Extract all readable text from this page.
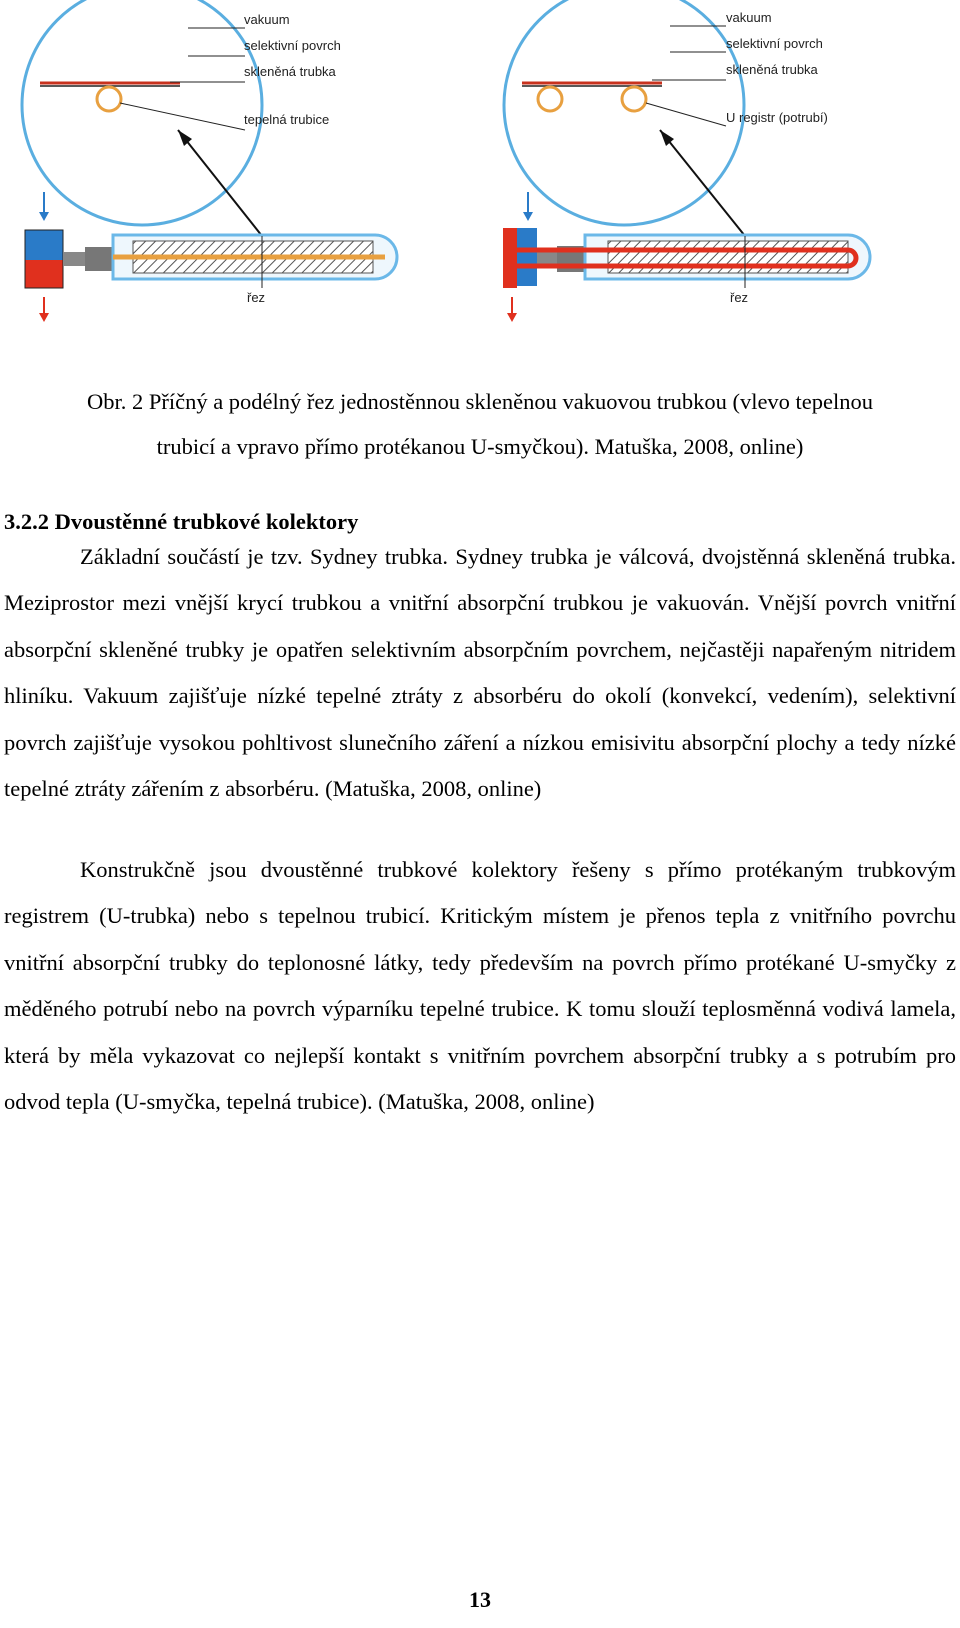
vakuum
selektivní povrch
skleněná trubka
tepelná trubice
řez
vakuum
selektivní povrch
skleněná trubka
U registr (potrubí)
řez
Obr. 2 Příčný a podélný řez jednostěnnou skleněnou vakuovou trubkou (vlevo tepelnou
trubicí a vpravo přímo protékanou U-smyčkou). Matuška, 2008, online)
3.2.2 Dvoustěnné trubkové kolektory

Základní součástí je tzv. Sydney trubka. Sydney trubka je válcová, dvojstěnná skleněná trubka. Meziprostor mezi vnější krycí trubkou a vnitřní absorpční trubkou je vakuován. Vnější povrch vnitřní absorpční skleněné trubky je opatřen selektivním absorpčním povrchem, nejčastěji napařeným nitridem hliníku. Vakuum zajišťuje nízké tepelné ztráty z absorbéru do okolí (konvekcí, vedením), selektivní povrch zajišťuje vysokou pohltivost slunečního záření a nízkou emisivitu absorpční plochy a tedy nízké tepelné ztráty zářením z absorbéru. (Matuška, 2008, online)

Konstrukčně jsou dvoustěnné trubkové kolektory řešeny s přímo protékaným trubkovým registrem (U-trubka) nebo s tepelnou trubicí. Kritickým místem je přenos tepla z vnitřního povrchu vnitřní absorpční trubky do teplonosné látky, tedy především na povrch přímo protékané U-smyčky z měděného potrubí nebo na povrch výparníku tepelné trubice. K tomu slouží teplosměnná vodivá lamela, která by měla vykazovat co nejlepší kontakt s vnitřním povrchem absorpční trubky a s potrubím pro odvod tepla (U-smyčka, tepelná trubice). (Matuška, 2008, online)

13
